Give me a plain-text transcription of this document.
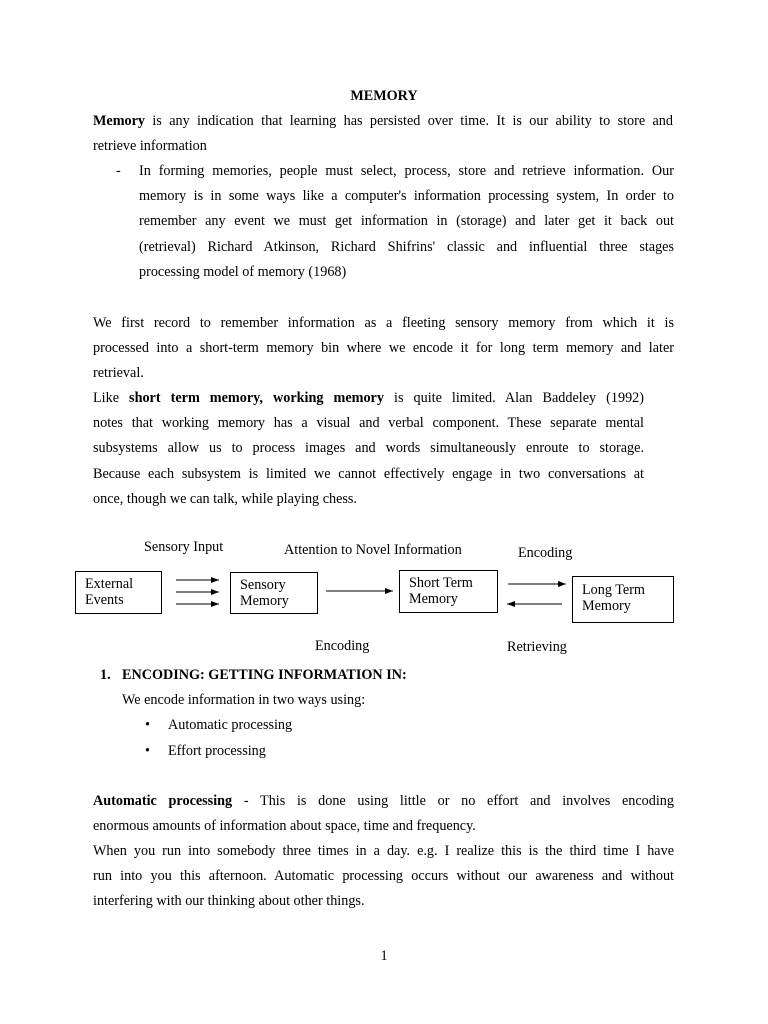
MEMORY
Memory is any indication that learning has persisted over time. It is our ability to store and
retrieve information
- In forming memories, people must select, process, store and retrieve information. Our
memory is in some ways like a computer's information processing system, In order to
remember any event we must get information in (storage) and later get it back out
(retrieval) Richard Atkinson, Richard Shifrins' classic and influential three stages
processing model of memory (1968)
We first record to remember information as a fleeting sensory memory from which it is
processed into a short-term memory bin where we encode it for long term memory and later
retrieval.
Like short term memory, working memory is quite limited. Alan Baddeley (1992)
notes that working memory has a visual and verbal component. These separate mental
subsystems allow us to process images and words simultaneously enroute to storage.
Because each subsystem is limited we cannot effectively engage in two conversations at
once, though we can talk, while playing chess.
Sensory Input	Attention to Novel Information	Encoding
External
Events
Sensory
Memory
Short Term
Memory
Long Term
Memory
Encoding	Retrieving
1. ENCODING: GETTING INFORMATION IN:
We encode information in two ways using:
• Automatic processing
• Effort processing
Automatic processing - This is done using little or no effort and involves encoding
enormous amounts of information about space, time and frequency.
When you run into somebody three times in a day. e.g. I realize this is the third time I have
run into you this afternoon. Automatic processing occurs without our awareness and without
interfering with our thinking about other things.
1
